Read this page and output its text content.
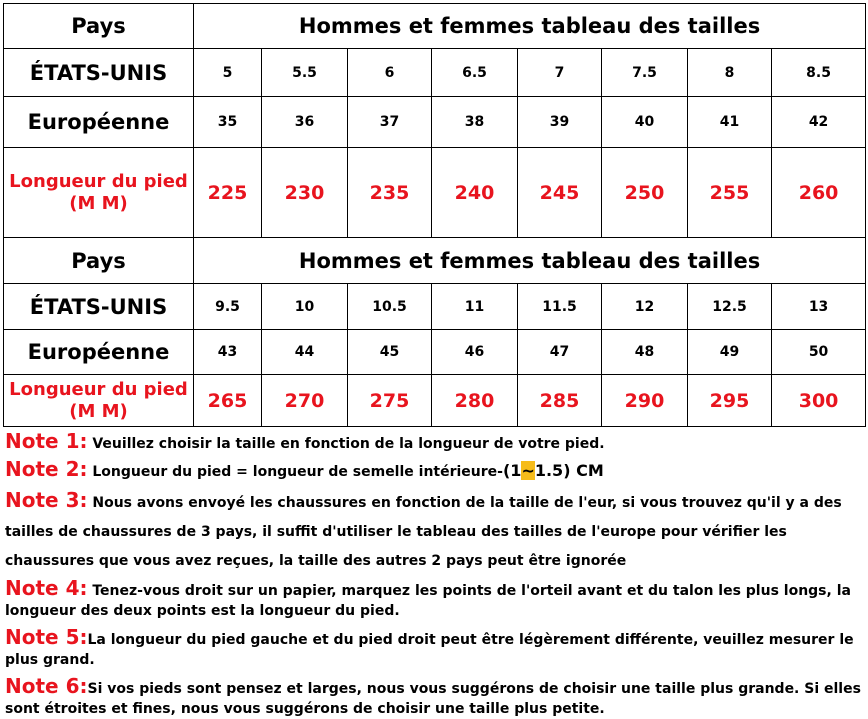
Pays	Hommes et femmes tableau des tailles							
ÉTATS-UNIS	5	5.5	6	6.5	7	7.5	8	8.5
Européenne	35	36	37	38	39	40	41	42

Longueur du pied
(M M)	225	230	235	240	245	250	255	260
Pays	Hommes et femmes tableau des tailles							
ÉTATS-UNIS	9.5	10	10.5	11	11.5	12	12.5	13
Européenne	43	44	45	46	47	48	49	50

Longueur du pied
(M M)	265	270	275	280	285	290	295	300
Note 1: Veuillez choisir la taille en fonction de la longueur de votre pied.
Note 2: Longueur du pied = longueur de semelle intérieure-(1~1.5) CM
Note 3: Nous avons envoyé les chaussures en fonction de la taille de l'eur, si vous trouvez qu'il y a des tailles de chaussures de 3 pays, il suffit d'utiliser le tableau des tailles de l'europe pour vérifier les chaussures que vous avez reçues, la taille des autres 2 pays peut être ignorée
Note 4: Tenez-vous droit sur un papier, marquez les points de l'orteil avant et du talon les plus longs, la longueur des deux points est la longueur du pied.
Note 5:La longueur du pied gauche et du pied droit peut être légèrement différente, veuillez mesurer le plus grand.
Note 6:Si vos pieds sont pensez et larges, nous vous suggérons de choisir une taille plus grande. Si elles sont étroites et fines, nous vous suggérons de choisir une taille plus petite.
